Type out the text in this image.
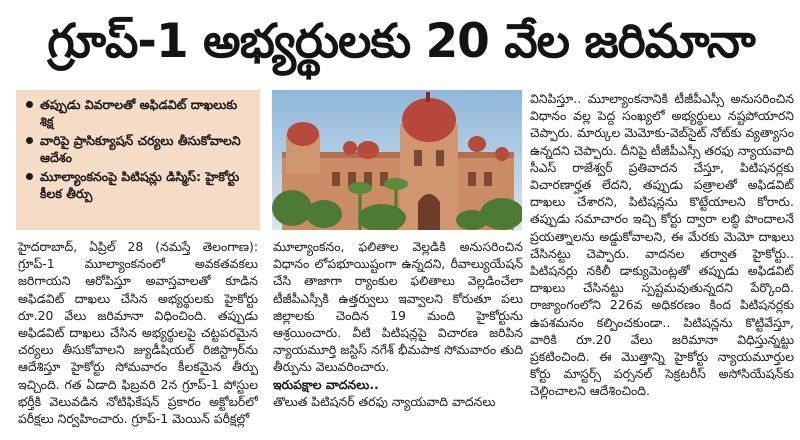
గ్రూప్‌-1 అభ్యర్థులకు 20 వేల జరిమానా
తప్పుడు వివరాలతో అఫిడవిట్‌ దాఖలుకు శిక్ష
వారిపై ప్రాసిక్యూషన్‌ చర్యలు తీసుకోవాలని ఆదేశం
మూల్యాంకనంపై పిటిషన్లు డిస్మిస్‌: హైకోర్టు కీలక తీర్పు

హైదరాబాద్‌, ఏప్రిల్‌ 28 (నమస్తే తెలంగాణ): గ్రూప్‌-1 మూల్యాంకనంలో అవకతవకలు జరిగాయని ఆరోపిస్తూ అవాస్తవాలతో కూడిన అఫిడవిట్‌ దాఖలు చేసిన అభ్యర్థులకు హైకోర్టు రూ.20 వేలు జరిమానా విధించింది. తప్పుడు అఫిడవిట్‌ దాఖలు చేసిన అభ్యర్థులపై చట్టపరమైన చర్యలు తీసుకోవాలని జ్యుడీషియల్‌ రిజిస్ట్రార్‌ను ఆదేశిస్తూ హైకోర్టు సోమవారం కీలకమైన తీర్పు ఇచ్చింది. గత ఏడాది ఫిబ్రవరి 2న గ్రూప్‌-1 పోస్టుల భర్తీకి వెలువడిన నోటిఫికేషన్‌ ప్రకారం అక్టోబర్‌లో పరీక్షలు నిర్వహించారు. గ్రూప్‌-1 మెయిన్‌ పరీక్షల్లో

మూల్యాంకనం, ఫలితాల వెల్లడికి అనుసరించిన విధానం లోపభూయిష్టంగా ఉన్నదని, రీవాల్యుయేషన్‌ చేసి తాజాగా ర్యాంకుల ఫలితాలు వెల్లడించేలా టీజీపీఎస్సీకి ఉత్తర్వులు ఇవ్వాలని కోరుతూ పలు జిల్లాలకు చెందిన 19 మంది హైకోర్టును ఆశ్రయించారు. వీటి పిటిషన్లపై విచారణ జరిపిన న్యాయమూర్తి జస్టిస్‌ నగేశ్‌ భీమపాక సోమవారం తుది తీర్పును వెలువరించారు.

ఇరుపక్షాల వాదనలు..

తొలుత పిటిషనర్‌ తరఫు న్యాయవాది వాదనలు

వినిపిస్తూ.. మూల్యాంకనానికి టీజీపీఎస్సీ అనుసరించిన విధానం వల్ల పెద్ద సంఖ్యలో అభ్యర్థులు నష్టపోయారని చెప్పారు. మార్కుల మెమోకు-వెబ్‌సైట్‌ నోట్‌కు వ్యత్యాసం ఉన్నదని చెప్పారు. దీనిపై టీజీపీఎస్సీ తరఫు న్యాయవాది సీఎస్‌ రాజేశ్వర్‌ ప్రతివాదన చేస్తూ, పిటిషనర్లకు విచారణార్హత లేదని, తప్పుడు పత్రాలతో అఫిడవిట్‌ దాఖలు చేశారని, పిటిషన్లను కొట్టేయాలని కోరారు. తప్పుడు సమాచారం ఇచ్చి కోర్టు ద్వారా లబ్ధి పొందాలనే ప్రయత్నాలను అడ్డుకోవాలని, ఈ మేరకు మెమో దాఖలు చేసినట్టు చెప్పారు. వాదనల తర్వాత హైకోర్టు.. పిటిషనర్లు నకిలీ డాక్యుమెంట్లతో తప్పుడు అఫిడవిట్‌ దాఖలు చేసినట్టు స్పష్టమవుతున్నదని పేర్కొంది. రాజ్యాంగంలోని 226వ అధికరణం కింద పిటిషనర్లకు ఉపశమనం కల్పించకుండా.. పిటిషన్లను కొట్టివేస్తూ, వారికి రూ.20 వేలు జరిమానా విధిస్తున్నట్టు ప్రకటించింది. ఈ మొత్తాన్ని హైకోర్టు న్యాయమూర్తుల కోర్టు మాస్టర్స్‌ పర్సనల్‌ సెక్రటరీస్‌ అసోసియేషన్‌కు చెల్లించాలని ఆదేశించింది.
